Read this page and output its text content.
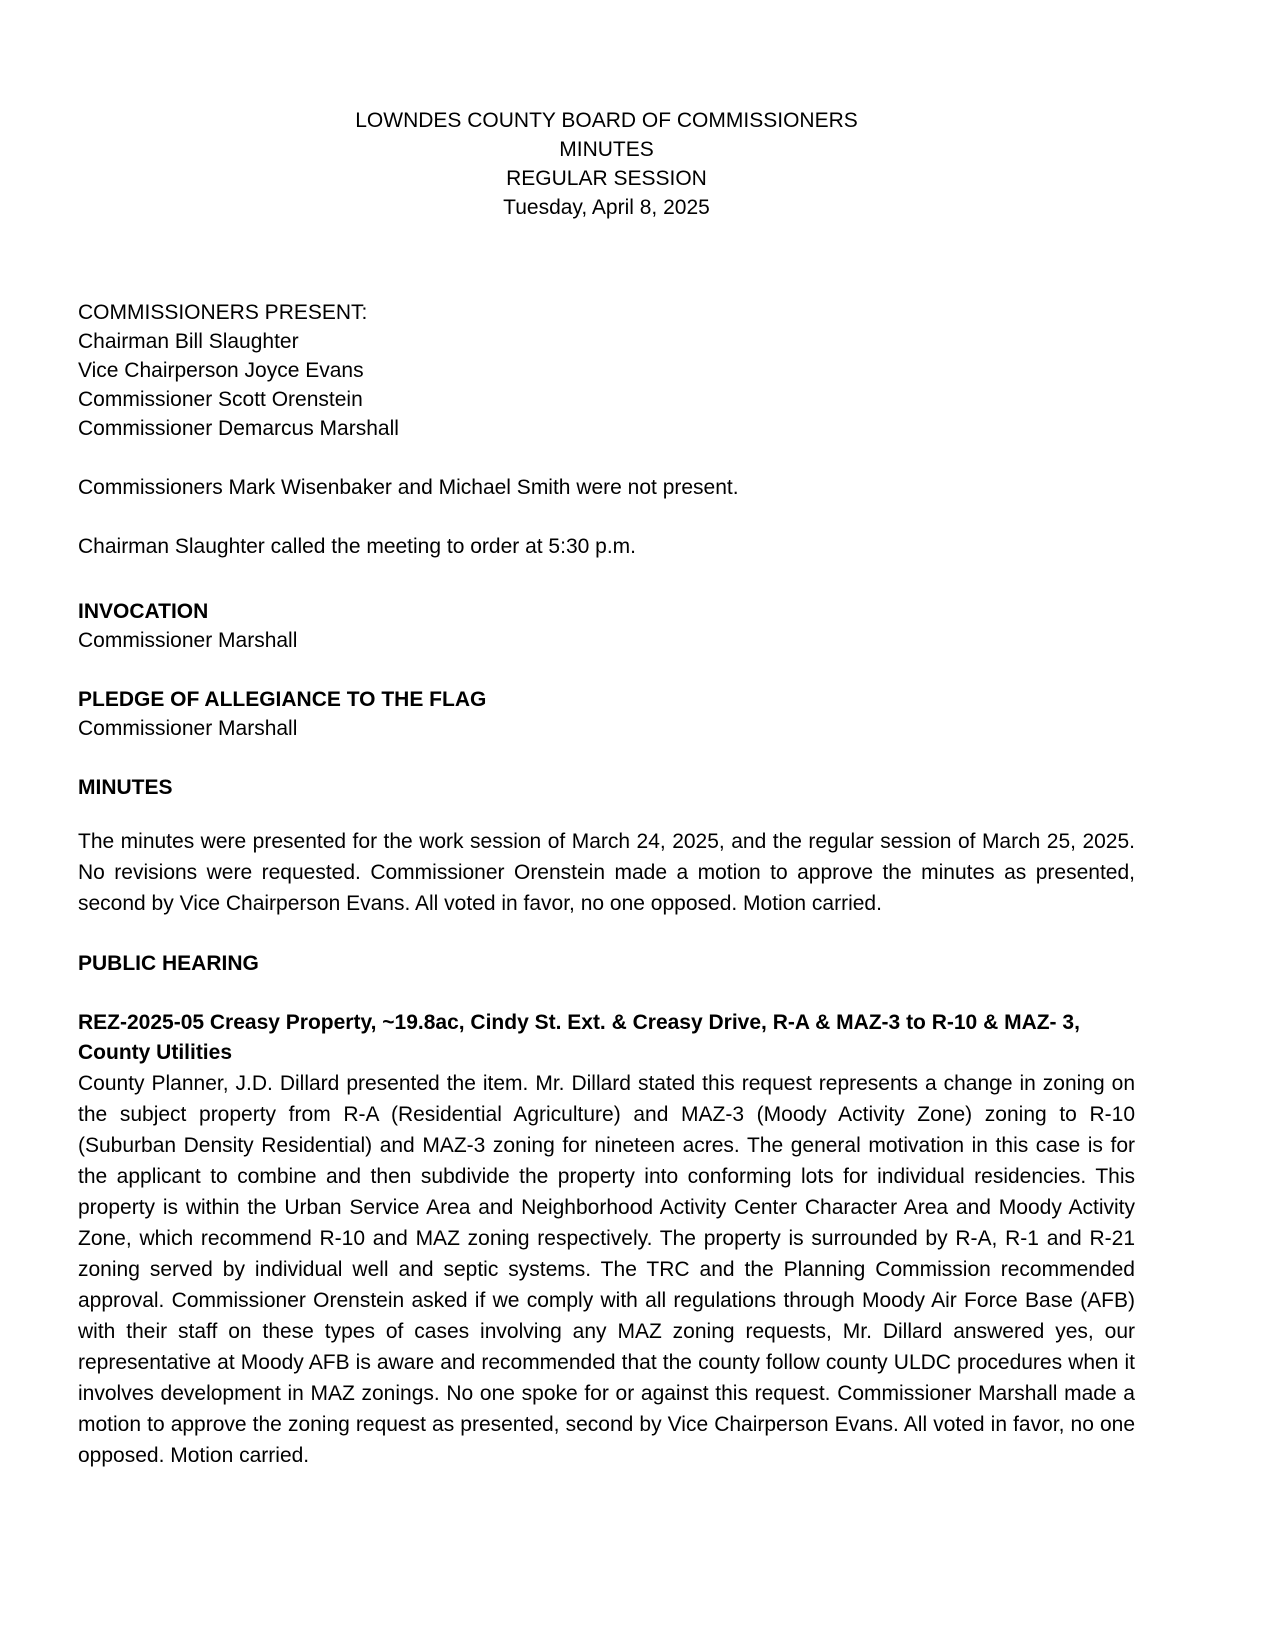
LOWNDES COUNTY BOARD OF COMMISSIONERS
MINUTES
REGULAR SESSION
Tuesday, April 8, 2025
COMMISSIONERS PRESENT:
Chairman Bill Slaughter
Vice Chairperson Joyce Evans
Commissioner Scott Orenstein
Commissioner Demarcus Marshall
Commissioners Mark Wisenbaker and Michael Smith were not present.
Chairman Slaughter called the meeting to order at 5:30 p.m.
INVOCATION
Commissioner Marshall
PLEDGE OF ALLEGIANCE TO THE FLAG
Commissioner Marshall
MINUTES

The minutes were presented for the work session of March 24, 2025, and the regular session of March 25, 2025. No revisions were requested. Commissioner Orenstein made a motion to approve the minutes as presented, second by Vice Chairperson Evans. All voted in favor, no one opposed. Motion carried.

PUBLIC HEARING
REZ-2025-05 Creasy Property, ~19.8ac, Cindy St. Ext. & Creasy Drive, R-A & MAZ-3 to R-10 & MAZ- 3, County Utilities

County Planner, J.D. Dillard presented the item. Mr. Dillard stated this request represents a change in zoning on the subject property from R-A (Residential Agriculture) and MAZ-3 (Moody Activity Zone) zoning to R-10 (Suburban Density Residential) and MAZ-3 zoning for nineteen acres. The general motivation in this case is for the applicant to combine and then subdivide the property into conforming lots for individual residencies. This property is within the Urban Service Area and Neighborhood Activity Center Character Area and Moody Activity Zone, which recommend R-10 and MAZ zoning respectively. The property is surrounded by R-A, R-1 and R-21 zoning served by individual well and septic systems. The TRC and the Planning Commission recommended approval. Commissioner Orenstein asked if we comply with all regulations through Moody Air Force Base (AFB) with their staff on these types of cases involving any MAZ zoning requests, Mr. Dillard answered yes, our representative at Moody AFB is aware and recommended that the county follow county ULDC procedures when it involves development in MAZ zonings. No one spoke for or against this request. Commissioner Marshall made a motion to approve the zoning request as presented, second by Vice Chairperson Evans. All voted in favor, no one opposed. Motion carried.
